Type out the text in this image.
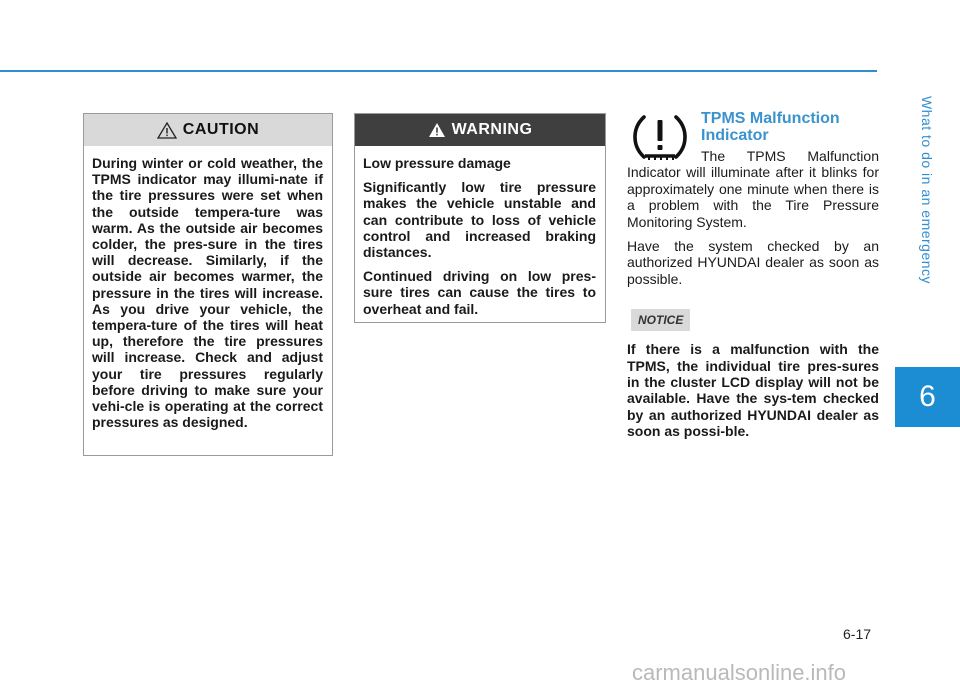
What to do in an emergency
6
CAUTION

During winter or cold weather, the TPMS indicator may illumi-nate if the tire pressures were set when the outside tempera-ture was warm. As the outside air becomes colder, the pres-sure in the tires will decrease. Similarly, if the outside air becomes warmer, the pressure in the tires will increase. As you drive your vehicle, the tempera-ture of the tires will heat up, therefore the tire pressures will increase. Check and adjust your tire pressures regularly before driving to make sure your vehi-cle is operating at the correct pressures as designed.

WARNING

Low pressure damage

Significantly low tire pressure makes the vehicle unstable and can contribute to loss of vehicle control and increased braking distances.

Continued driving on low pres-sure tires can cause the tires to overheat and fail.

TPMS Malfunction
Indicator

The TPMS Malfunction Indicator will illuminate after it blinks for approximately one minute when there is a problem with the Tire Pressure Monitoring System.

Have the system checked by an authorized HYUNDAI dealer as soon as possible.

NOTICE

If there is a malfunction with the TPMS, the individual tire pres-sures in the cluster LCD display will not be available. Have the sys-tem checked by an authorized HYUNDAI dealer as soon as possi-ble.

6-17
carmanualsonline.info
